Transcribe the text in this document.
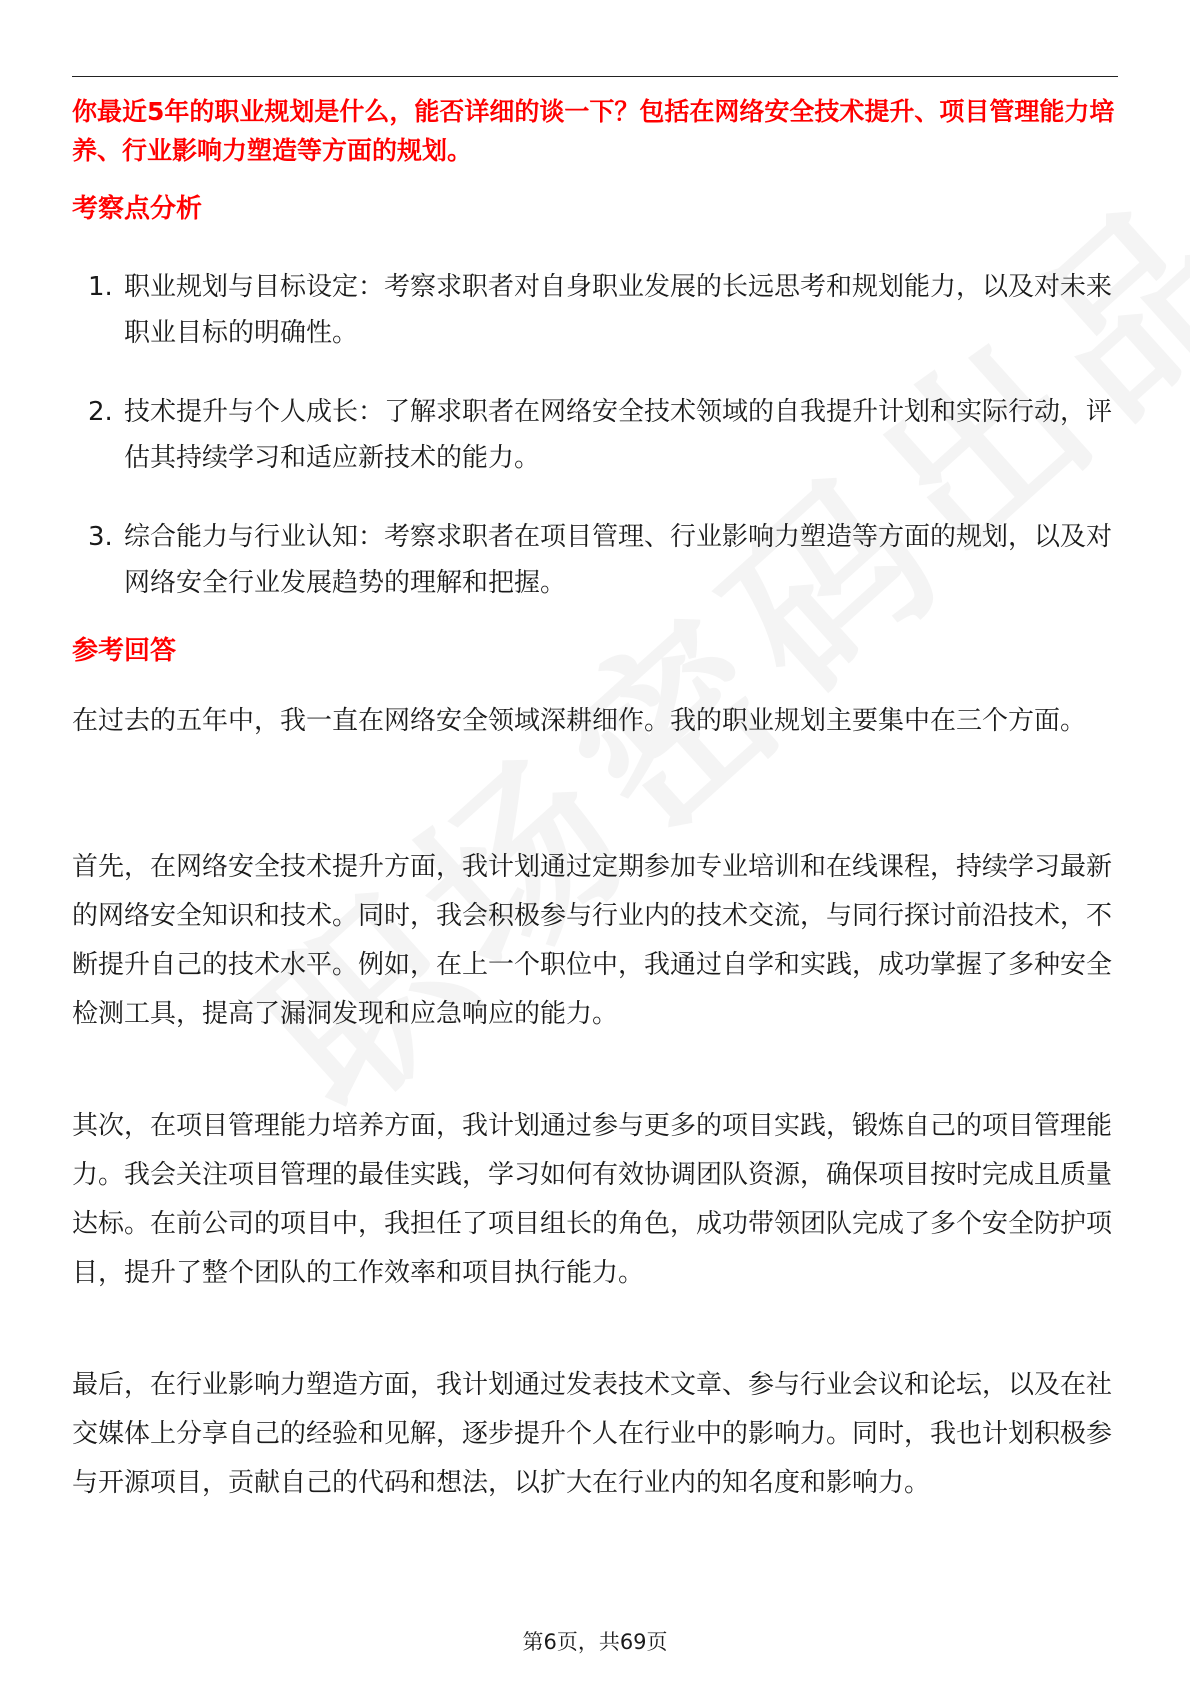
你最近5年的职业规划是什么，能否详细的谈一下？包括在网络安全技术提升、项目管理能力培养、行业影响力塑造等方面的规划。
考察点分析
1. 职业规划与目标设定：考察求职者对自身职业发展的长远思考和规划能力，以及对未来职业目标的明确性。
2. 技术提升与个人成长：了解求职者在网络安全技术领域的自我提升计划和实际行动，评估其持续学习和适应新技术的能力。
3. 综合能力与行业认知：考察求职者在项目管理、行业影响力塑造等方面的规划，以及对网络安全行业发展趋势的理解和把握。
参考回答

在过去的五年中，我一直在网络安全领域深耕细作。我的职业规划主要集中在三个方面。

首先，在网络安全技术提升方面，我计划通过定期参加专业培训和在线课程，持续学习最新的网络安全知识和技术。同时，我会积极参与行业内的技术交流，与同行探讨前沿技术，不断提升自己的技术水平。例如，在上一个职位中，我通过自学和实践，成功掌握了多种安全检测工具，提高了漏洞发现和应急响应的能力。

其次，在项目管理能力培养方面，我计划通过参与更多的项目实践，锻炼自己的项目管理能力。我会关注项目管理的最佳实践，学习如何有效协调团队资源，确保项目按时完成且质量达标。在前公司的项目中，我担任了项目组长的角色，成功带领团队完成了多个安全防护项目，提升了整个团队的工作效率和项目执行能力。

最后，在行业影响力塑造方面，我计划通过发表技术文章、参与行业会议和论坛，以及在社交媒体上分享自己的经验和见解，逐步提升个人在行业中的影响力。同时，我也计划积极参与开源项目，贡献自己的代码和想法，以扩大在行业内的知名度和影响力。

第6页，共69页
